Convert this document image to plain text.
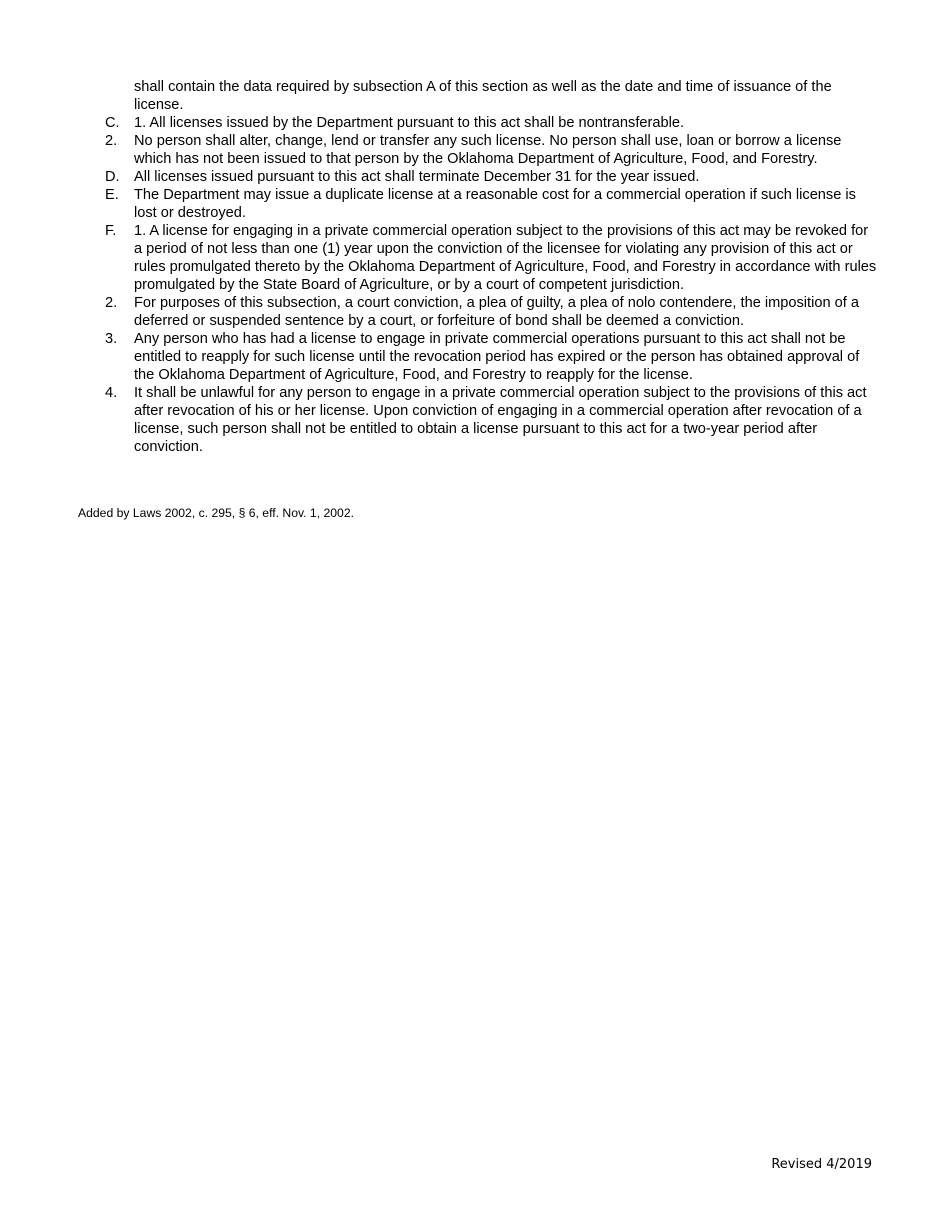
shall contain the data required by subsection A of this section as well as the date and time of issuance of the license.

C. 1. All licenses issued by the Department pursuant to this act shall be nontransferable.
2.	No person shall alter, change, lend or transfer any such license. No person shall use, loan or borrow a license which has not been issued to that person by the Oklahoma Department of Agriculture, Food, and Forestry.
D. All licenses issued pursuant to this act shall terminate December 31 for the year issued.
E.	The Department may issue a duplicate license at a reasonable cost for a commercial operation if such license is lost or destroyed.
F.	1. A license for engaging in a private commercial operation subject to the provisions of this act may be revoked for a period of not less than one (1) year upon the conviction of the licensee for violating any provision of this act or rules promulgated thereto by the Oklahoma Department of Agriculture, Food, and Forestry in accordance with rules promulgated by the State Board of Agriculture, or by a court of competent jurisdiction.
2.	For purposes of this subsection, a court conviction, a plea of guilty, a plea of nolo contendere, the imposition of a deferred or suspended sentence by a court, or forfeiture of bond shall be deemed a conviction.
3.	Any person who has had a license to engage in private commercial operations pursuant to this act shall not be entitled to reapply for such license until the revocation period has expired or the person has obtained approval of the Oklahoma Department of Agriculture, Food, and Forestry to reapply for the license.
4.	It shall be unlawful for any person to engage in a private commercial operation subject to the provisions of this act after revocation of his or her license. Upon conviction of engaging in a commercial operation after revocation of a license, such person shall not be entitled to obtain a license pursuant to this act for a two-year period after conviction.
Added by Laws 2002, c. 295, § 6, eff. Nov. 1, 2002.
Revised 4/2019
